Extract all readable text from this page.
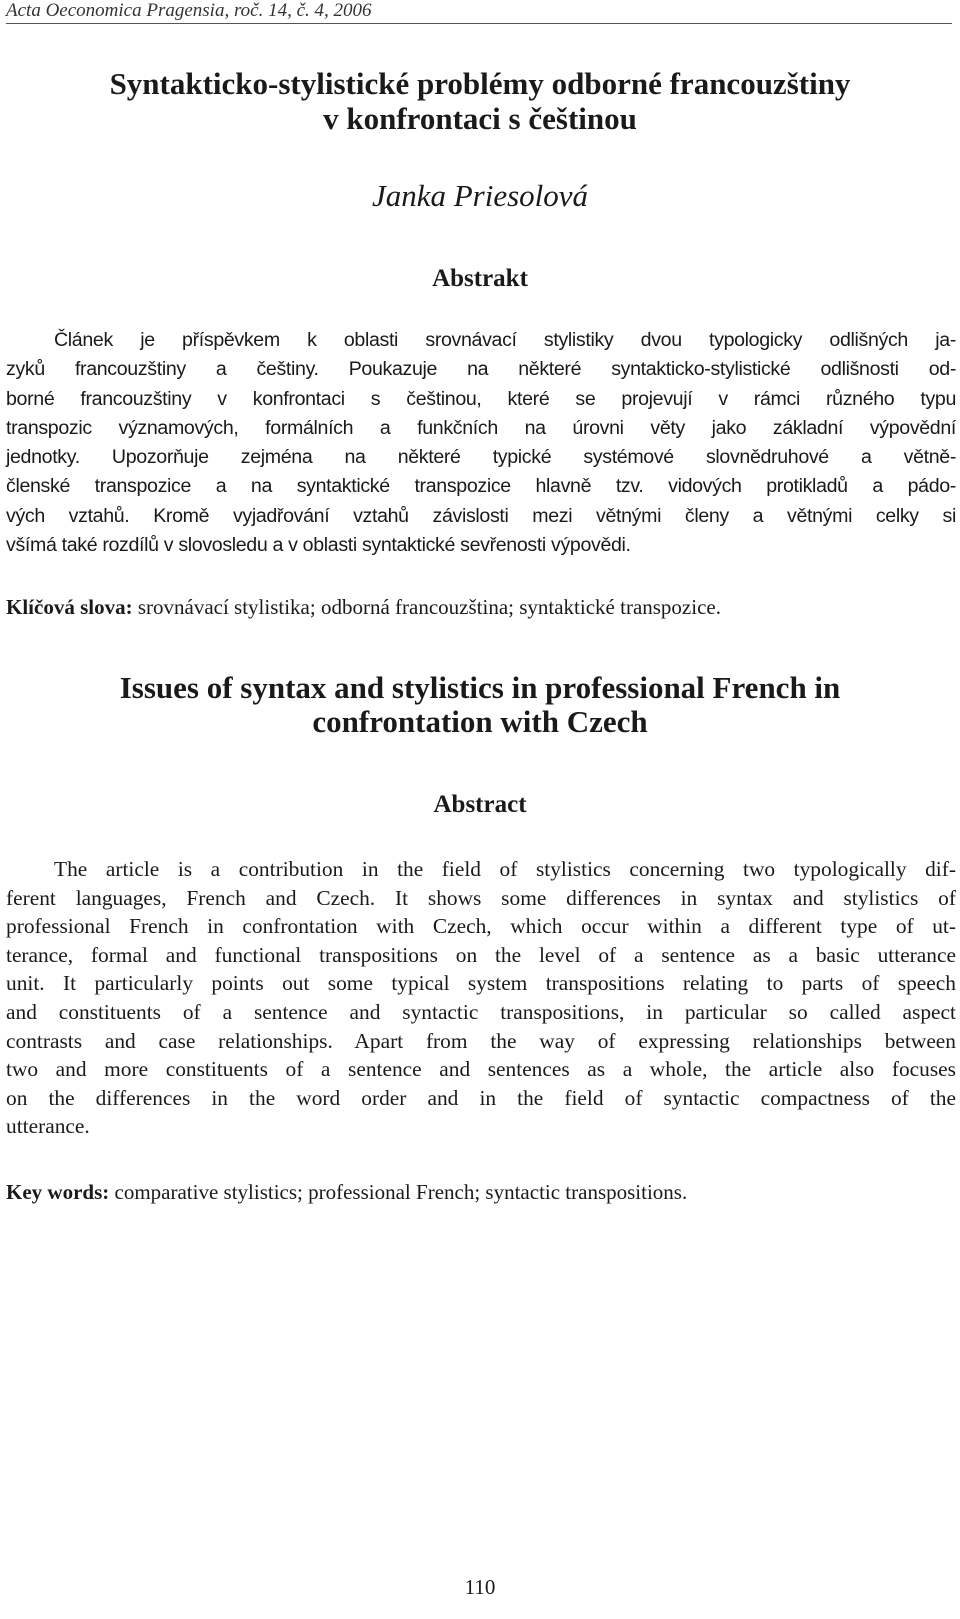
Acta Oeconomica Pragensia, roč. 14, č. 4, 2006
Syntakticko-stylistické problémy odborné francouzštiny
v konfrontaci s češtinou
Janka Priesolová
Abstrakt

Článek je příspěvkem k oblasti srovnávací stylistiky dvou typologicky odlišných ja-
zyků francouzštiny a češtiny. Poukazuje na některé syntakticko-stylistické odlišnosti od-
borné francouzštiny v konfrontaci s češtinou, které se projevují v rámci různého typu
transpozic významových, formálních a funkčních na úrovni věty jako základní výpovědní
jednotky. Upozorňuje zejména na některé typické systémové slovnědruhové a větně-
členské transpozice a na syntaktické transpozice hlavně tzv. vidových protikladů a pádo-
vých vztahů. Kromě vyjadřování vztahů závislosti mezi větnými členy a větnými celky si
všímá také rozdílů v slovosledu a v oblasti syntaktické sevřenosti výpovědi.

Klíčová slova: srovnávací stylistika; odborná francouzština; syntaktické transpozice.

Issues of syntax and stylistics in professional French in
confrontation with Czech
Abstract

The article is a contribution in the field of stylistics concerning two typologically dif-
ferent languages, French and Czech. It shows some differences in syntax and stylistics of
professional French in confrontation with Czech, which occur within a different type of ut-
terance, formal and functional transpositions on the level of a sentence as a basic utterance
unit. It particularly points out some typical system transpositions relating to parts of speech
and constituents of a sentence and syntactic transpositions, in particular so called aspect
contrasts and case relationships. Apart from the way of expressing relationships between
two and more constituents of a sentence and sentences as a whole, the article also focuses
on the differences in the word order and in the field of syntactic compactness of the
utterance.

Key words: comparative stylistics; professional French; syntactic transpositions.

110
